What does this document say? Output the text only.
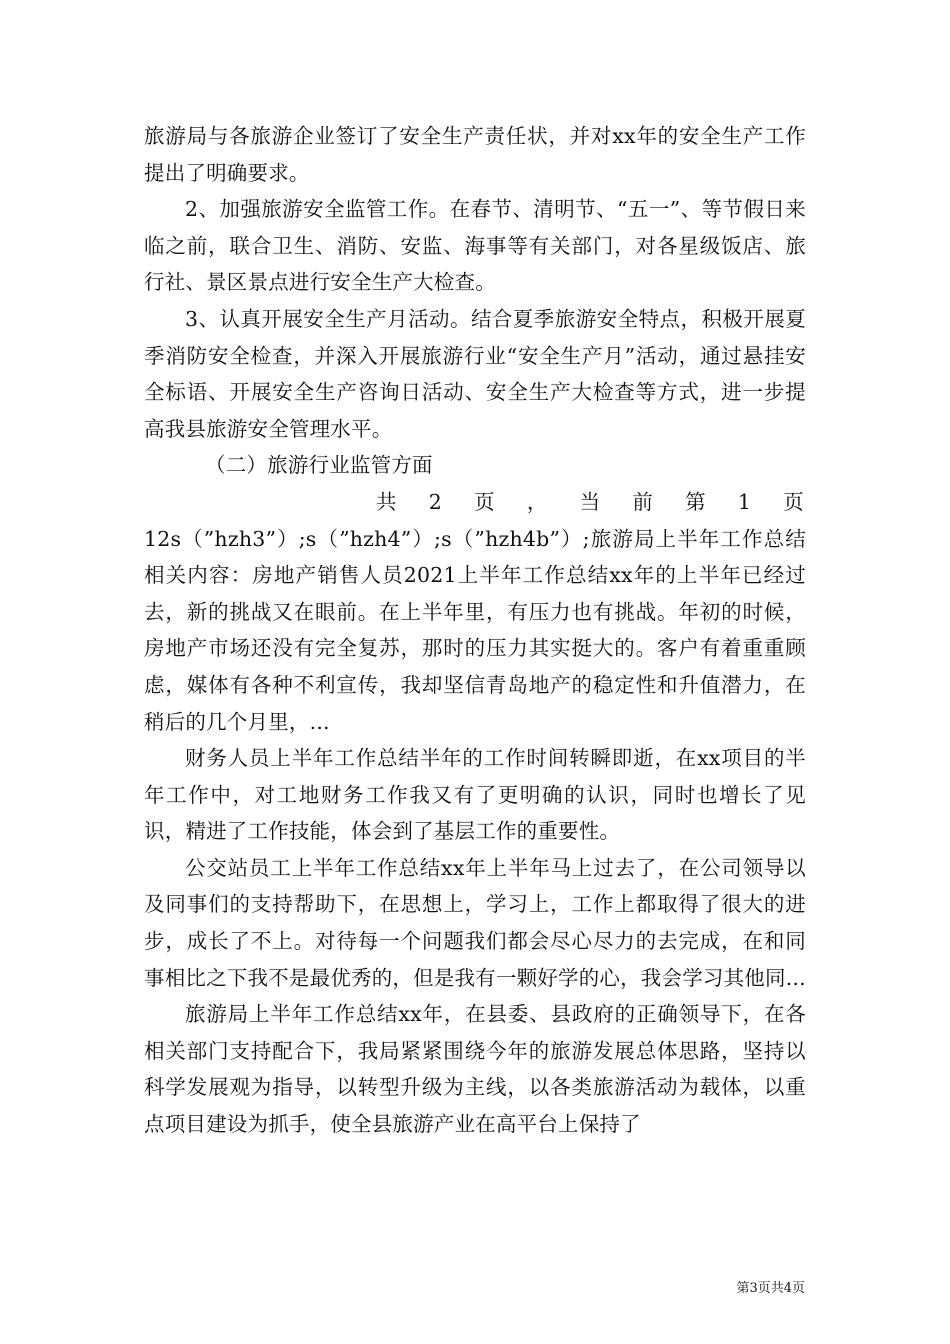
旅游局与各旅游企业签订了安全生产责任状，并对xx年的安全生产工作提出了明确要求。

2、加强旅游安全监管工作。在春节、清明节、“五一”、等节假日来临之前，联合卫生、消防、安监、海事等有关部门，对各星级饭店、旅行社、景区景点进行安全生产大检查。

3、认真开展安全生产月活动。结合夏季旅游安全特点，积极开展夏季消防安全检查，并深入开展旅游行业“安全生产月”活动，通过悬挂安全标语、开展安全生产咨询日活动、安全生产大检查等方式，进一步提高我县旅游安全管理水平。

（二）旅游行业监管方面

共 2 页 ， 当 前 第 1 页

12s（”hzh3”）;s（”hzh4”）;s（”hzh4b”）;旅游局上半年工作总结相关内容：房地产销售人员2021上半年工作总结xx年的上半年已经过去，新的挑战又在眼前。在上半年里，有压力也有挑战。年初的时候，房地产市场还没有完全复苏，那时的压力其实挺大的。客户有着重重顾虑，媒体有各种不利宣传，我却坚信青岛地产的稳定性和升值潜力，在稍后的几个月里，...

财务人员上半年工作总结半年的工作时间转瞬即逝，在xx项目的半年工作中，对工地财务工作我又有了更明确的认识，同时也增长了见识，精进了工作技能，体会到了基层工作的重要性。

公交站员工上半年工作总结xx年上半年马上过去了，在公司领导以及同事们的支持帮助下，在思想上，学习上，工作上都取得了很大的进步，成长了不上。对待每一个问题我们都会尽心尽力的去完成，在和同事相比之下我不是最优秀的，但是我有一颗好学的心，我会学习其他同...

旅游局上半年工作总结xx年，在县委、县政府的正确领导下，在各相关部门支持配合下，我局紧紧围绕今年的旅游发展总体思路，坚持以科学发展观为指导，以转型升级为主线，以各类旅游活动为载体，以重点项目建设为抓手，使全县旅游产业在高平台上保持了

第3页共4页
